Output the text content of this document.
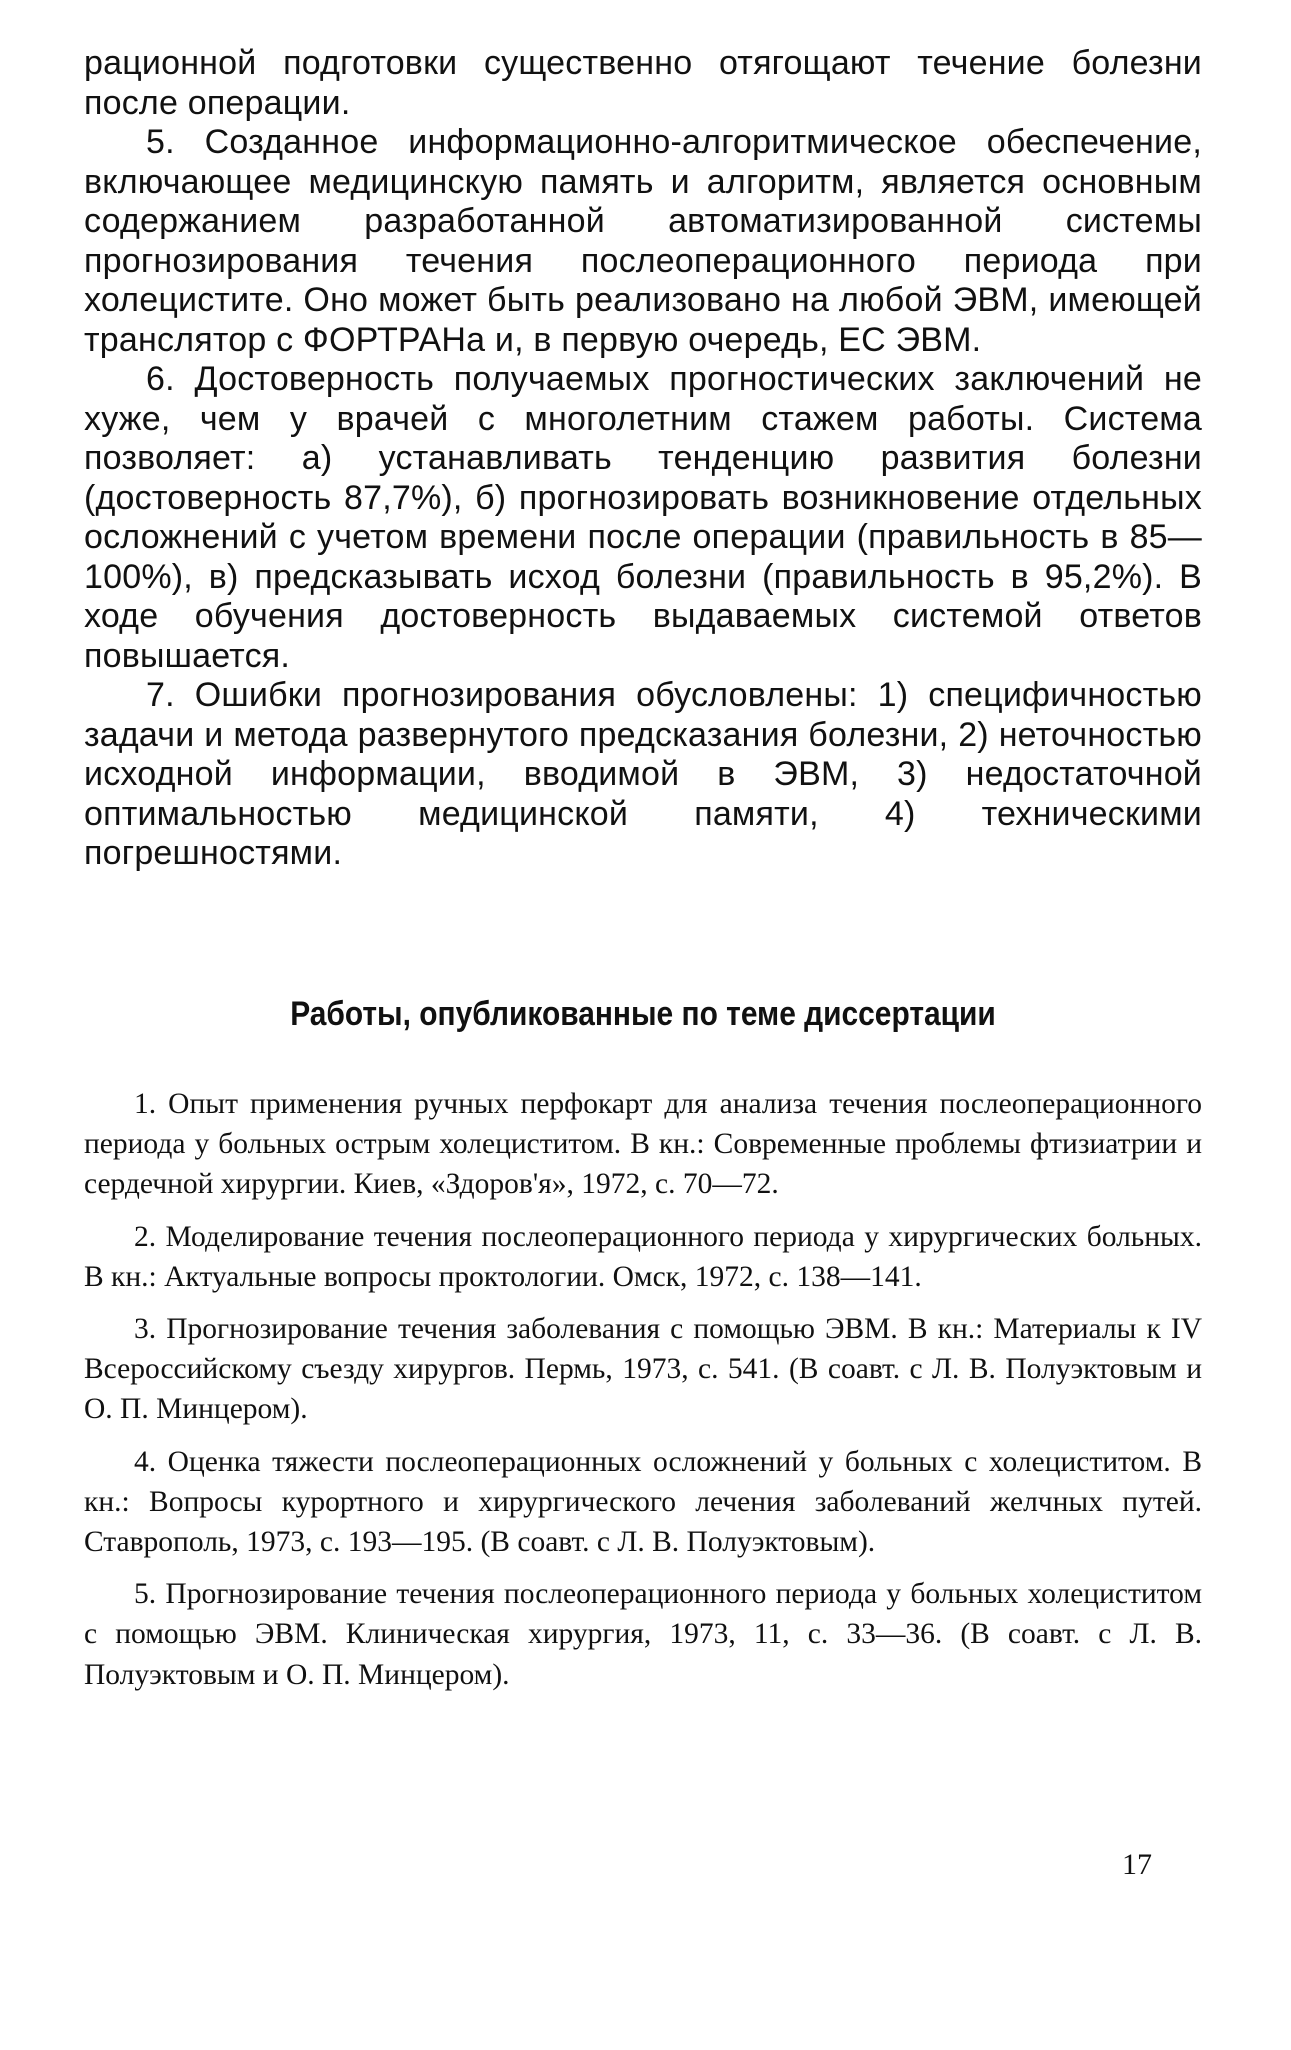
рационной подготовки существенно отягощают течение болезни после операции.

5. Созданное информационно-алгоритмическое обеспечение, включающее медицинскую память и алгоритм, является основным содержанием разработанной автоматизированной системы прогнозирования течения послеоперационного периода при холецистите. Оно может быть реализовано на любой ЭВМ, имеющей транслятор с ФОРТРАНа и, в первую очередь, ЕС ЭВМ.

6. Достоверность получаемых прогностических заключений не хуже, чем у врачей с многолетним стажем работы. Система позволяет: а) устанавливать тенденцию развития болезни (достоверность 87,7%), б) прогнозировать возникновение отдельных осложнений с учетом времени после операции (правильность в 85—100%), в) предсказывать исход болезни (правильность в 95,2%). В ходе обучения достоверность выдаваемых системой ответов повышается.

7. Ошибки прогнозирования обусловлены: 1) специфичностью задачи и метода развернутого предсказания болезни, 2) неточностью исходной информации, вводимой в ЭВМ, 3) недостаточной оптимальностью медицинской памяти, 4) техническими погрешностями.

Работы, опубликованные по теме диссертации

1. Опыт применения ручных перфокарт для анализа течения послеоперационного периода у больных острым холециститом. В кн.: Современные проблемы фтизиатрии и сердечной хирургии. Киев, «Здоров'я», 1972, с. 70—72.

2. Моделирование течения послеоперационного периода у хирургических больных. В кн.: Актуальные вопросы проктологии. Омск, 1972, с. 138—141.

3. Прогнозирование течения заболевания с помощью ЭВМ. В кн.: Материалы к IV Всероссийскому съезду хирургов. Пермь, 1973, с. 541. (В соавт. с Л. В. Полуэктовым и О. П. Минцером).

4. Оценка тяжести послеоперационных осложнений у больных с холециститом. В кн.: Вопросы курортного и хирургического лечения заболеваний желчных путей. Ставрополь, 1973, с. 193—195. (В соавт. с Л. В. Полуэктовым).

5. Прогнозирование течения послеоперационного периода у больных холециститом с помощью ЭВМ. Клиническая хирургия, 1973, 11, с. 33—36. (В соавт. с Л. В. Полуэктовым и О. П. Минцером).

17
